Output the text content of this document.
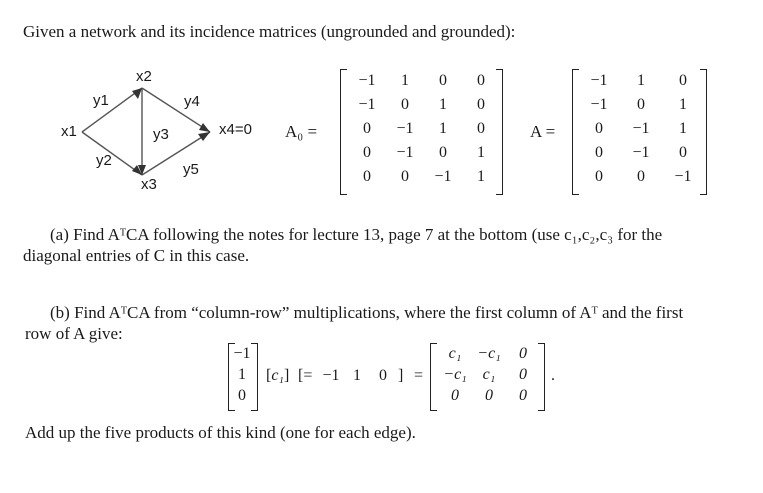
Given a network and its incidence matrices (ungrounded and grounded):
x2
x1
x3
x4=0
y1
y2
y3
y4
y5
A₀ =
−1	1	0	0
−1	0	1	0
0	−1	1	0
0	−1	0	1
0	0	−1	1
A =
−1	1	0
−1	0	1
0	−1	1
0	−1	0
0	0	−1
(a) Find AᵀCA following the notes for lecture 13, page 7 at the bottom (use c₁,c₂,c₃ for the
diagonal entries of C in this case.
(b) Find AᵀCA from “column-row” multiplications, where the first column of Aᵀ and the first
row of A give:
−1
1
0
[c₁] [= −1 1	0 ] =
c₁ −c₁	0
−c₁ c₁	0
0	0	0
.
Add up the five products of this kind (one for each edge).
